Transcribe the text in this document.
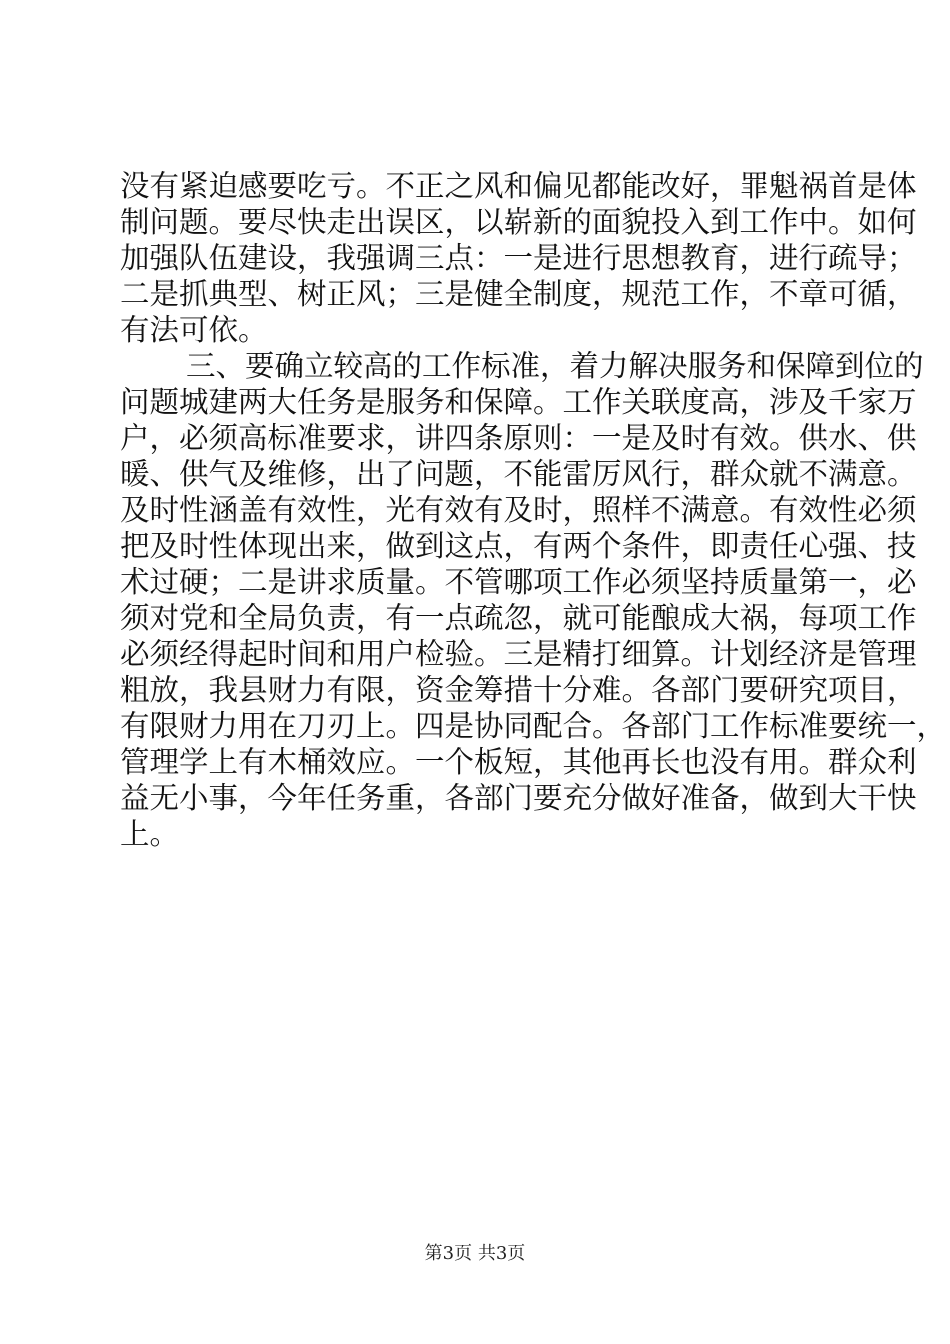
没有紧迫感要吃亏。不正之风和偏见都能改好，罪魁祸首是体
制问题。要尽快走出误区，以崭新的面貌投入到工作中。如何
加强队伍建设，我强调三点：一是进行思想教育，进行疏导；
二是抓典型、树正风；三是健全制度，规范工作，不章可循，
有法可依。
三、要确立较高的工作标准，着力解决服务和保障到位的
问题城建两大任务是服务和保障。工作关联度高，涉及千家万
户，必须高标准要求，讲四条原则：一是及时有效。供水、供
暖、供气及维修，出了问题，不能雷厉风行，群众就不满意。
及时性涵盖有效性，光有效有及时，照样不满意。有效性必须
把及时性体现出来，做到这点，有两个条件，即责任心强、技
术过硬；二是讲求质量。不管哪项工作必须坚持质量第一，必
须对党和全局负责，有一点疏忽，就可能酿成大祸，每项工作
必须经得起时间和用户检验。三是精打细算。计划经济是管理
粗放，我县财力有限，资金筹措十分难。各部门要研究项目，
有限财力用在刀刃上。四是协同配合。各部门工作标准要统一，
管理学上有木桶效应。一个板短，其他再长也没有用。群众利
益无小事，今年任务重，各部门要充分做好准备，做到大干快
上。
第3页 共3页
